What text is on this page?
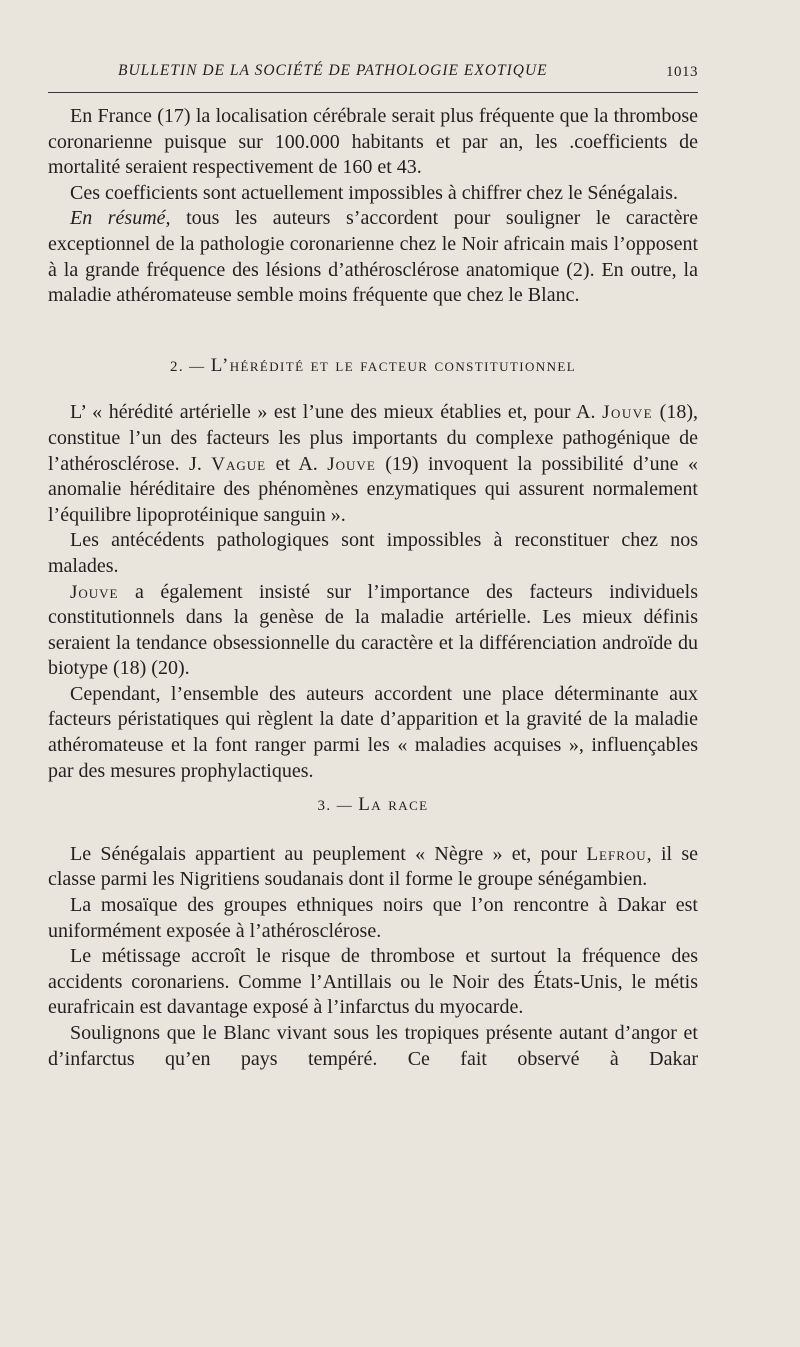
BULLETIN DE LA SOCIÉTÉ DE PATHOLOGIE EXOTIQUE	1013

En France (17) la localisation cérébrale serait plus fréquente que la thrombose coronarienne puisque sur 100.000 habitants et par an, les .coefficients de mortalité seraient respectivement de 160 et 43.

Ces coefficients sont actuellement impossibles à chiffrer chez le Sénégalais.

En résumé, tous les auteurs s’accordent pour souligner le caractère exceptionnel de la pathologie coronarienne chez le Noir africain mais l’opposent à la grande fréquence des lésions d’athérosclérose anatomique (2). En outre, la maladie athéromateuse semble moins fréquente que chez le Blanc.

2. — L’hérédité et le facteur constitutionnel

L’ « hérédité artérielle » est l’une des mieux établies et, pour A. Jouve (18), constitue l’un des facteurs les plus importants du complexe pathogénique de l’athérosclérose. J. Vague et A. Jouve (19) invoquent la possibilité d’une « anomalie héréditaire des phénomènes enzymatiques qui assurent normalement l’équilibre lipoprotéinique sanguin ».

Les antécédents pathologiques sont impossibles à reconstituer chez nos malades.

Jouve a également insisté sur l’importance des facteurs individuels constitutionnels dans la genèse de la maladie artérielle. Les mieux définis seraient la tendance obsessionnelle du caractère et la différenciation androïde du biotype (18) (20).

Cependant, l’ensemble des auteurs accordent une place déterminante aux facteurs péristatiques qui règlent la date d’apparition et la gravité de la maladie athéromateuse et la font ranger parmi les « maladies acquises », influençables par des mesures prophylactiques.

3. — La race

Le Sénégalais appartient au peuplement « Nègre » et, pour Lefrou, il se classe parmi les Nigritiens soudanais dont il forme le groupe sénégambien.

La mosaïque des groupes ethniques noirs que l’on rencontre à Dakar est uniformément exposée à l’athérosclérose.

Le métissage accroît le risque de thrombose et surtout la fréquence des accidents coronariens. Comme l’Antillais ou le Noir des États-Unis, le métis eurafricain est davantage exposé à l’infarctus du myocarde.

Soulignons que le Blanc vivant sous les tropiques présente autant d’angor et d’infarctus qu’en pays tempéré. Ce fait observé à Dakar
